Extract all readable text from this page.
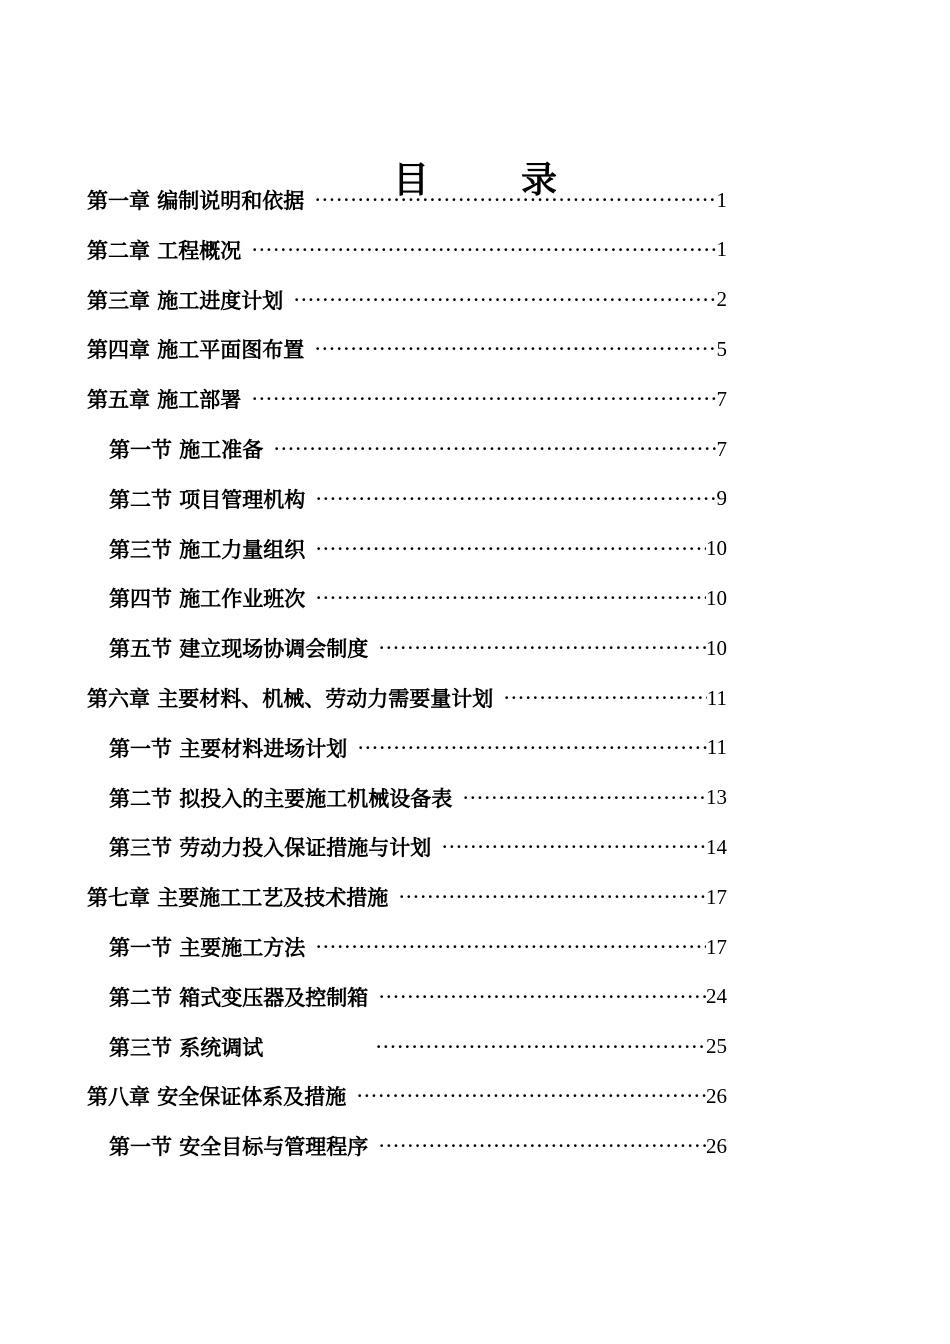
目　录
第一章 编制说明和依据 ·····	1
第二章 工程概况 ·····	1
第三章 施工进度计划 ·····	2
第四章 施工平面图布置 ·····	5
第五章 施工部署 ·····	7
第一节 施工准备 ·····	7
第二节 项目管理机构 ·····	9
第三节 施工力量组织 ·····	10
第四节 施工作业班次 ·····	10
第五节 建立现场协调会制度 ·····	10
第六章 主要材料、机械、劳动力需要量计划 ·····	11
第一节 主要材料进场计划 ·····	11
第二节 拟投入的主要施工机械设备表 ·····	13
第三节 劳动力投入保证措施与计划 ·····	14
第七章 主要施工工艺及技术措施 ·····	17
第一节 主要施工方法 ·····	17
第二节 箱式变压器及控制箱 ·····	24
第三节 系统调试 ·····	25
第八章 安全保证体系及措施 ·····	26
第一节 安全目标与管理程序 ·····	26
